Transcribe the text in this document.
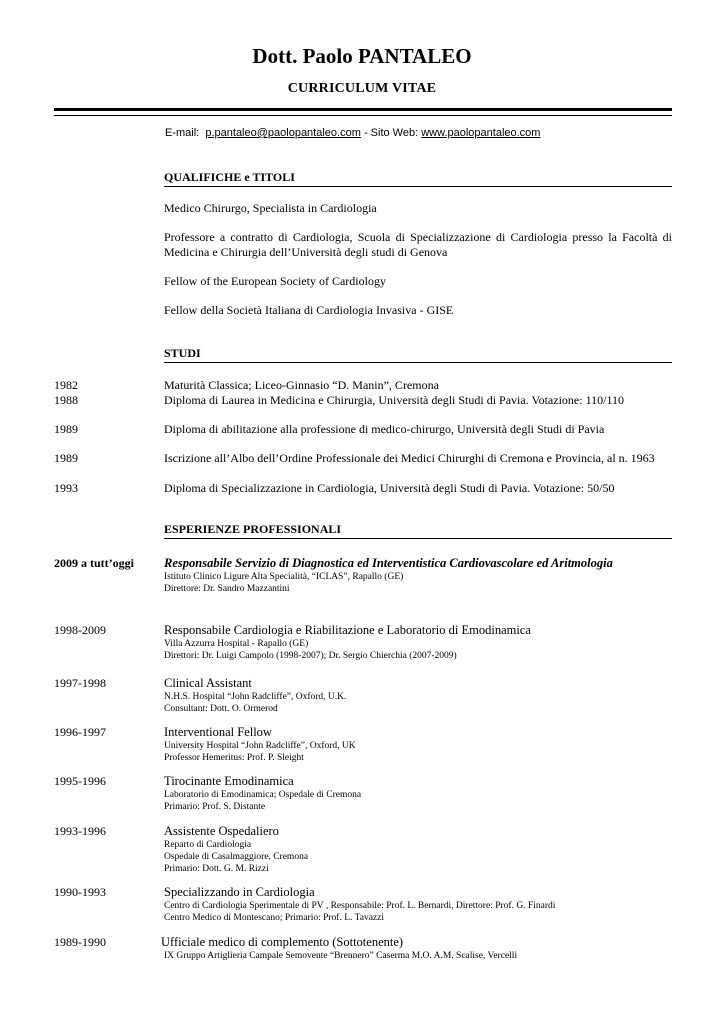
Dott. Paolo PANTALEO
CURRICULUM VITAE
E-mail: p.pantaleo@paolopantaleo.com - Sito Web: www.paolopantaleo.com
QUALIFICHE e TITOLI
Medico Chirurgo, Specialista in Cardiologia
Professore a contratto di Cardiologia, Scuola di Specializzazione di Cardiologia presso la Facoltà di Medicina e Chirurgia dell’Università degli studi di Genova
Fellow of the European Society of Cardiology
Fellow della Società Italiana di Cardiologia Invasiva - GISE
STUDI
1982	Maturità Classica; Liceo-Ginnasio “D. Manin”, Cremona
1988	Diploma di Laurea in Medicina e Chirurgia, Università degli Studi di Pavia. Votazione: 110/110
1989	Diploma di abilitazione alla professione di medico-chirurgo, Università degli Studi di Pavia
1989	Iscrizione all’Albo dell’Ordine Professionale dei Medici Chirurghi di Cremona e Provincia, al n. 1963
1993	Diploma di Specializzazione in Cardiologia, Università degli Studi di Pavia. Votazione: 50/50
ESPERIENZE PROFESSIONALI
2009 a tutt’oggi Responsabile Servizio di Diagnostica ed Interventistica Cardiovascolare ed Aritmologia
Istituto Clinico Ligure Alta Specialità, “ICLAS”, Rapallo (GE)
Direttore: Dr. Sandro Mazzantini
1998-2009	Responsabile Cardiologia e Riabilitazione e Laboratorio di Emodinamica
Villa Azzurra Hospital - Rapallo (GE)
Direttori: Dr. Luigi Campolo (1998-2007); Dr. Sergio Chierchia (2007-2009)
1997-1998	Clinical Assistant
N.H.S. Hospital “John Radcliffe”, Oxford, U.K.
Consultant: Dott. O. Ormerod
1996-1997	Interventional Fellow
University Hospital “John Radcliffe”, Oxford, UK
Professor Hemeritus: Prof. P. Sleight
1995-1996	Tirocinante Emodinamica
Laboratorio di Emodinamica; Ospedale di Cremona
Primario: Prof. S. Distante
1993-1996	Assistente Ospedaliero
Reparto di Cardiologia
Ospedale di Casalmaggiore, Cremona
Primario: Dott. G. M. Rizzi
1990-1993	Specializzando in Cardiologia
Centro di Cardiologia Sperimentale di PV , Responsabile: Prof. L. Bernardi, Direttore: Prof. G. Finardi
Centro Medico di Montescano; Primario: Prof. L. Tavazzi
1989-1990	Ufficiale medico di complemento (Sottotenente)
IX Gruppo Artiglieria Campale Semovente “Brennero” Caserma M.O. A.M. Scalise, Vercelli
